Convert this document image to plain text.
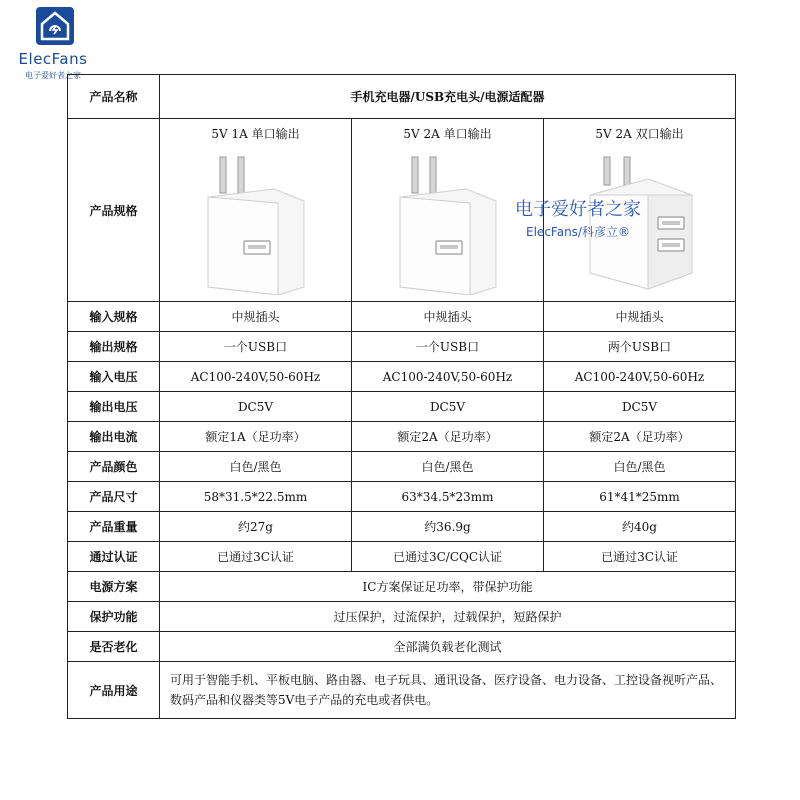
ElecFans
电子爱好者之家
产品名称	手机充电器/USB充电头/电源适配器		
产品规格	5V 1A 单口输出	5V 2A 单口输出	5V 2A 双口输出

输入规格	中规插头	中规插头	中规插头
输出规格	一个USB口	一个USB口	两个USB口
输入电压	AC100-240V,50-60Hz	AC100-240V,50-60Hz	AC100-240V,50-60Hz
输出电压	DC5V	DC5V	DC5V
输出电流	额定1A（足功率）	额定2A（足功率）	额定2A（足功率）
产品颜色	白色/黑色	白色/黑色	白色/黑色
产品尺寸	58*31.5*22.5mm	63*34.5*23mm	61*41*25mm
产品重量	约27g	约36.9g	约40g
通过认证	已通过3C认证	已通过3C/CQC认证	已通过3C认证
电源方案	IC方案保证足功率，带保护功能		
保护功能	过压保护，过流保护，过载保护，短路保护		
是否老化	全部满负载老化测试		
产品用途	可用于智能手机、平板电脑、路由器、电子玩具、通讯设备、医疗设备、电力设备、工控设备视听产品、数码产品和仪器类等5V电子产品的充电或者供电。		
电子爱好者之家
ElecFans/科彦立®
